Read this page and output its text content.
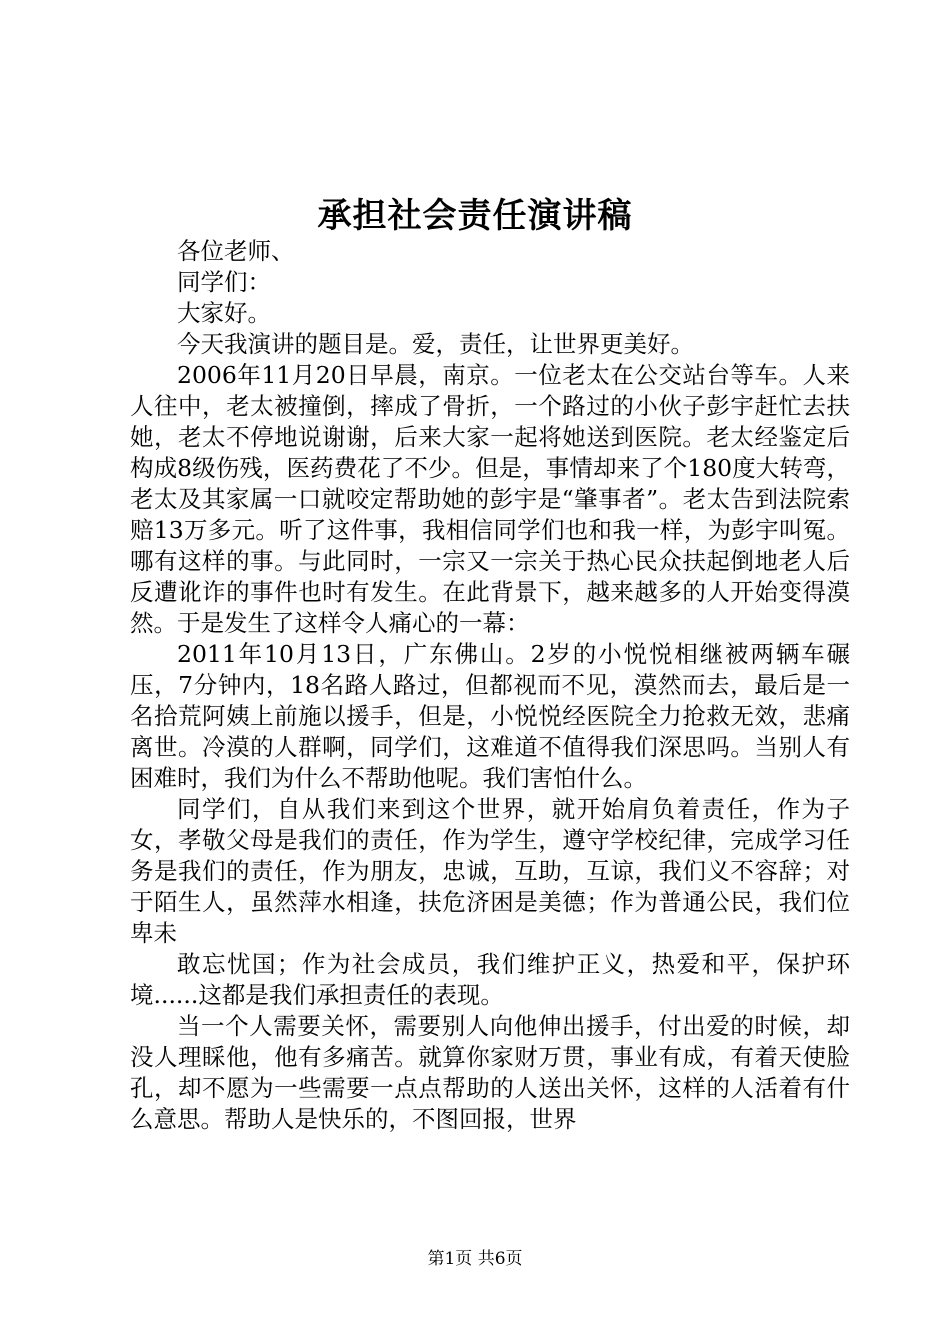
承担社会责任演讲稿

各位老师、

同学们：

大家好。

今天我演讲的题目是。爱，责任，让世界更美好。

2006年11月20日早晨，南京。一位老太在公交站台等车。人来人往中，老太被撞倒，摔成了骨折，一个路过的小伙子彭宇赶忙去扶她，老太不停地说谢谢，后来大家一起将她送到医院。老太经鉴定后构成8级伤残，医药费花了不少。但是，事情却来了个180度大转弯，老太及其家属一口就咬定帮助她的彭宇是“肇事者”。老太告到法院索赔13万多元。听了这件事，我相信同学们也和我一样，为彭宇叫冤。哪有这样的事。与此同时，一宗又一宗关于热心民众扶起倒地老人后反遭讹诈的事件也时有发生。在此背景下，越来越多的人开始变得漠然。于是发生了这样令人痛心的一幕：

2011年10月13日，广东佛山。2岁的小悦悦相继被两辆车碾压，7分钟内，18名路人路过，但都视而不见，漠然而去，最后是一名拾荒阿姨上前施以援手，但是，小悦悦经医院全力抢救无效，悲痛离世。冷漠的人群啊，同学们，这难道不值得我们深思吗。当别人有困难时，我们为什么不帮助他呢。我们害怕什么。

同学们，自从我们来到这个世界，就开始肩负着责任，作为子女，孝敬父母是我们的责任，作为学生，遵守学校纪律，完成学习任务是我们的责任，作为朋友，忠诚，互助，互谅，我们义不容辞；对于陌生人，虽然萍水相逢，扶危济困是美德；作为普通公民，我们位卑未

敢忘忧国；作为社会成员，我们维护正义，热爱和平，保护环境......这都是我们承担责任的表现。

当一个人需要关怀，需要别人向他伸出援手，付出爱的时候，却没人理睬他，他有多痛苦。就算你家财万贯，事业有成，有着天使脸孔，却不愿为一些需要一点点帮助的人送出关怀，这样的人活着有什么意思。帮助人是快乐的，不图回报，世界

第1页 共6页
